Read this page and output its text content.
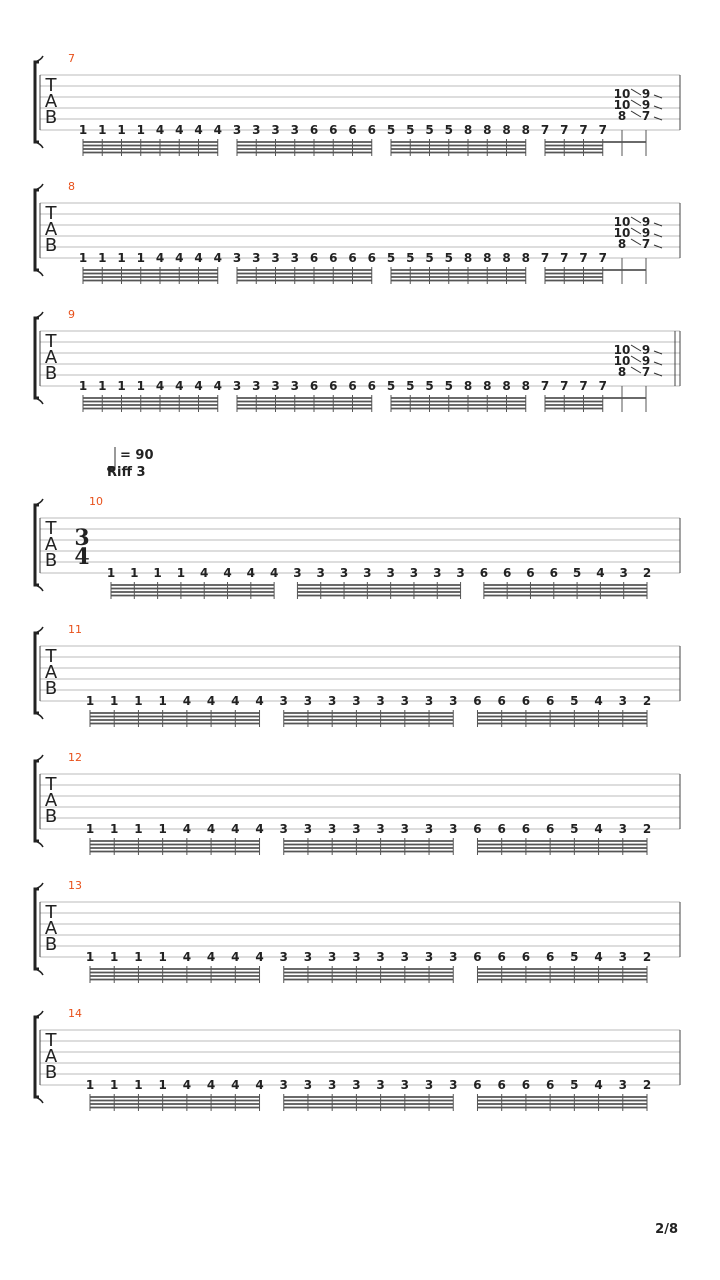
= 90
Riff 3
7
T
A
B
1 1 1 1 4 4 4 4 3 3 3 3 6 6 6 6 5 5 5 5 8 8 8 8 7 7 7 7
10 9
10 9
8 7
8
T
A
B
1 1 1 1 4 4 4 4 3 3 3 3 6 6 6 6 5 5 5 5 8 8 8 8 7 7 7 7
10 9
10 9
8 7
9
T
A
B
1 1 1 1 4 4 4 4 3 3 3 3 6 6 6 6 5 5 5 5 8 8 8 8 7 7 7 7
10 9
10 9
8 7
10
T
A
B
3
4
1 1 1 1 4 4 4 4 3 3 3 3 3 3 3 3 6 6 6 6 5 4 3 2
11
T
A
B
1 1 1 1 4 4 4 4 3 3 3 3 3 3 3 3 6 6 6 6 5 4 3 2
12
T
A
B
1 1 1 1 4 4 4 4 3 3 3 3 3 3 3 3 6 6 6 6 5 4 3 2
13
T
A
B
1 1 1 1 4 4 4 4 3 3 3 3 3 3 3 3 6 6 6 6 5 4 3 2
14
T
A
B
1 1 1 1 4 4 4 4 3 3 3 3 3 3 3 3 6 6 6 6 5 4 3 2
2/8
